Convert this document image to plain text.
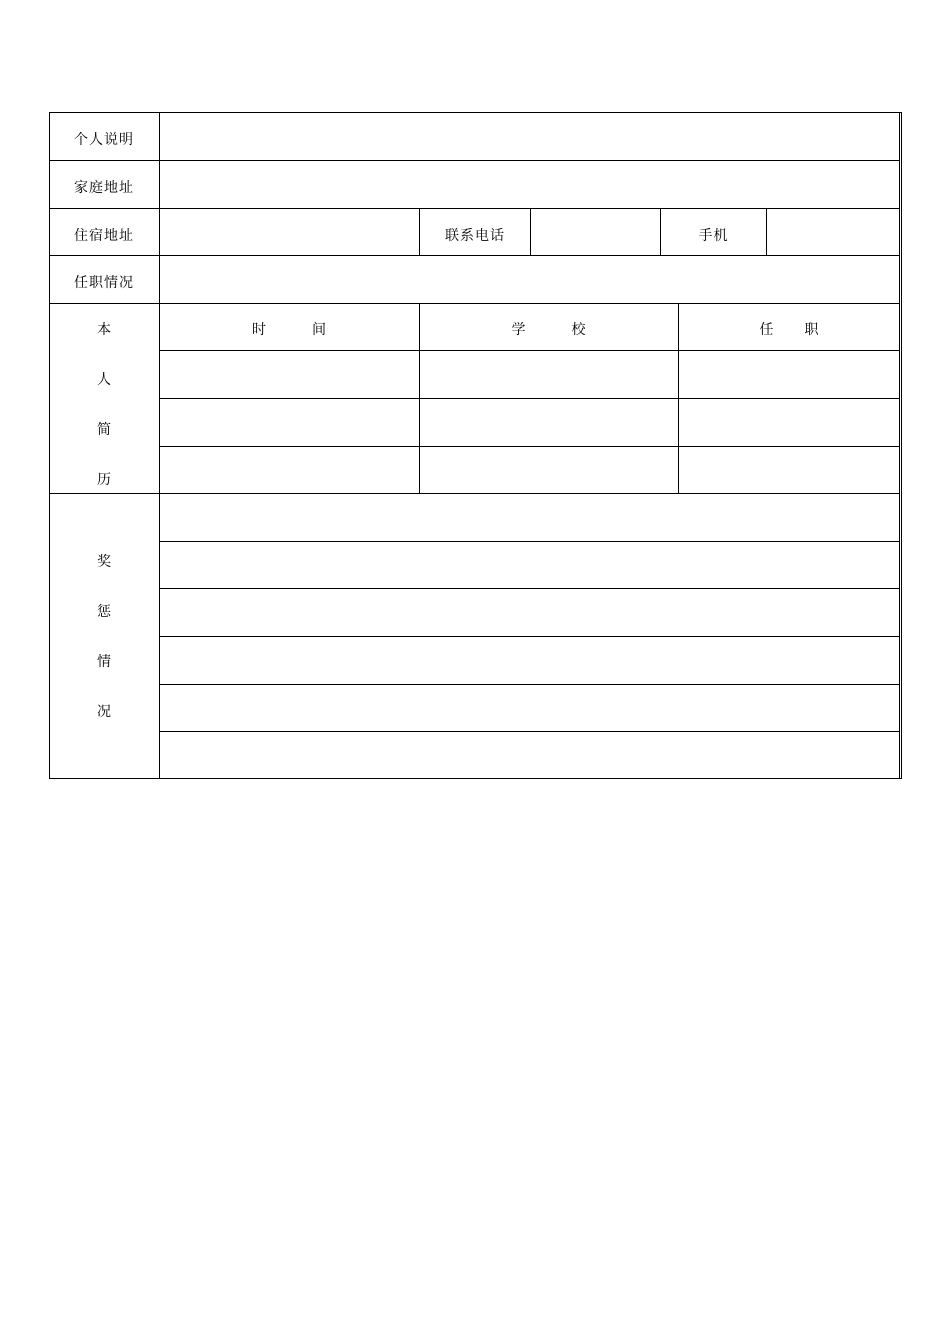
个人说明
家庭地址
住宿地址	联系电话	手机
任职情况
本
人
简
历
时　　　间	学　　　校	任　　职
奖
惩
情
况
